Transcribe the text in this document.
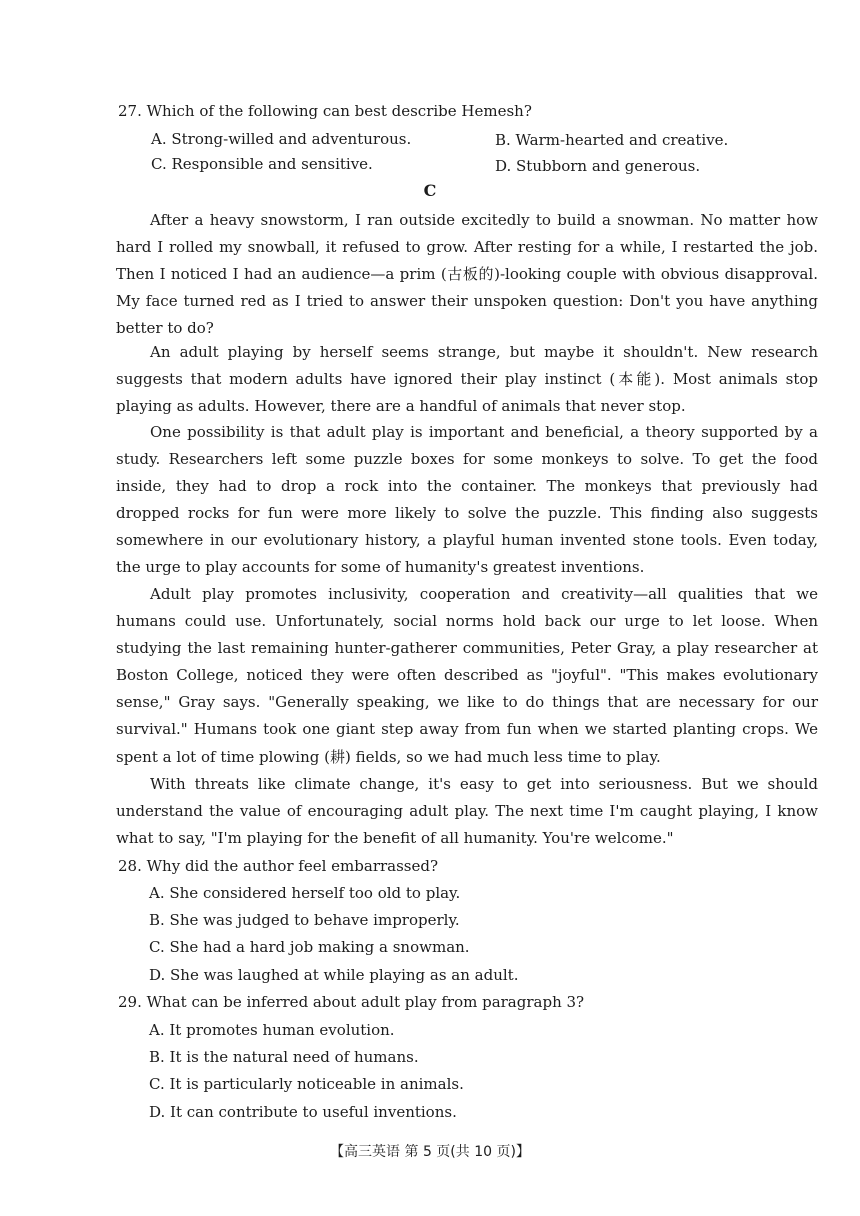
27. Which of the following can best describe Hemesh?
A. Strong-willed and adventurous.	B. Warm-hearted and creative.
C. Responsible and sensitive.	D. Stubborn and generous.
C

After a heavy snowstorm, I ran outside excitedly to build a snowman. No matter how hard I rolled my snowball, it refused to grow. After resting for a while, I restarted the job. Then I noticed I had an audience—a prim (古板的)-looking couple with obvious disapproval. My face turned red as I tried to answer their unspoken question: Don't you have anything better to do?

An adult playing by herself seems strange, but maybe it shouldn't. New research suggests that modern adults have ignored their play instinct (本能). Most animals stop playing as adults. However, there are a handful of animals that never stop.

One possibility is that adult play is important and beneficial, a theory supported by a study. Researchers left some puzzle boxes for some monkeys to solve. To get the food inside, they had to drop a rock into the container. The monkeys that previously had dropped rocks for fun were more likely to solve the puzzle. This finding also suggests somewhere in our evolutionary history, a playful human invented stone tools. Even today, the urge to play accounts for some of humanity's greatest inventions.

Adult play promotes inclusivity, cooperation and creativity—all qualities that we humans could use. Unfortunately, social norms hold back our urge to let loose. When studying the last remaining hunter-gatherer communities, Peter Gray, a play researcher at Boston College, noticed they were often described as "joyful". "This makes evolutionary sense," Gray says. "Generally speaking, we like to do things that are necessary for our survival." Humans took one giant step away from fun when we started planting crops. We spent a lot of time plowing (耕) fields, so we had much less time to play.

With threats like climate change, it's easy to get into seriousness. But we should understand the value of encouraging adult play. The next time I'm caught playing, I know what to say, "I'm playing for the benefit of all humanity. You're welcome."

28. Why did the author feel embarrassed?
A. She considered herself too old to play.
B. She was judged to behave improperly.
C. She had a hard job making a snowman.
D. She was laughed at while playing as an adult.
29. What can be inferred about adult play from paragraph 3?
A. It promotes human evolution.
B. It is the natural need of humans.
C. It is particularly noticeable in animals.
D. It can contribute to useful inventions.
【高三英语 第 5 页(共 10 页)】
